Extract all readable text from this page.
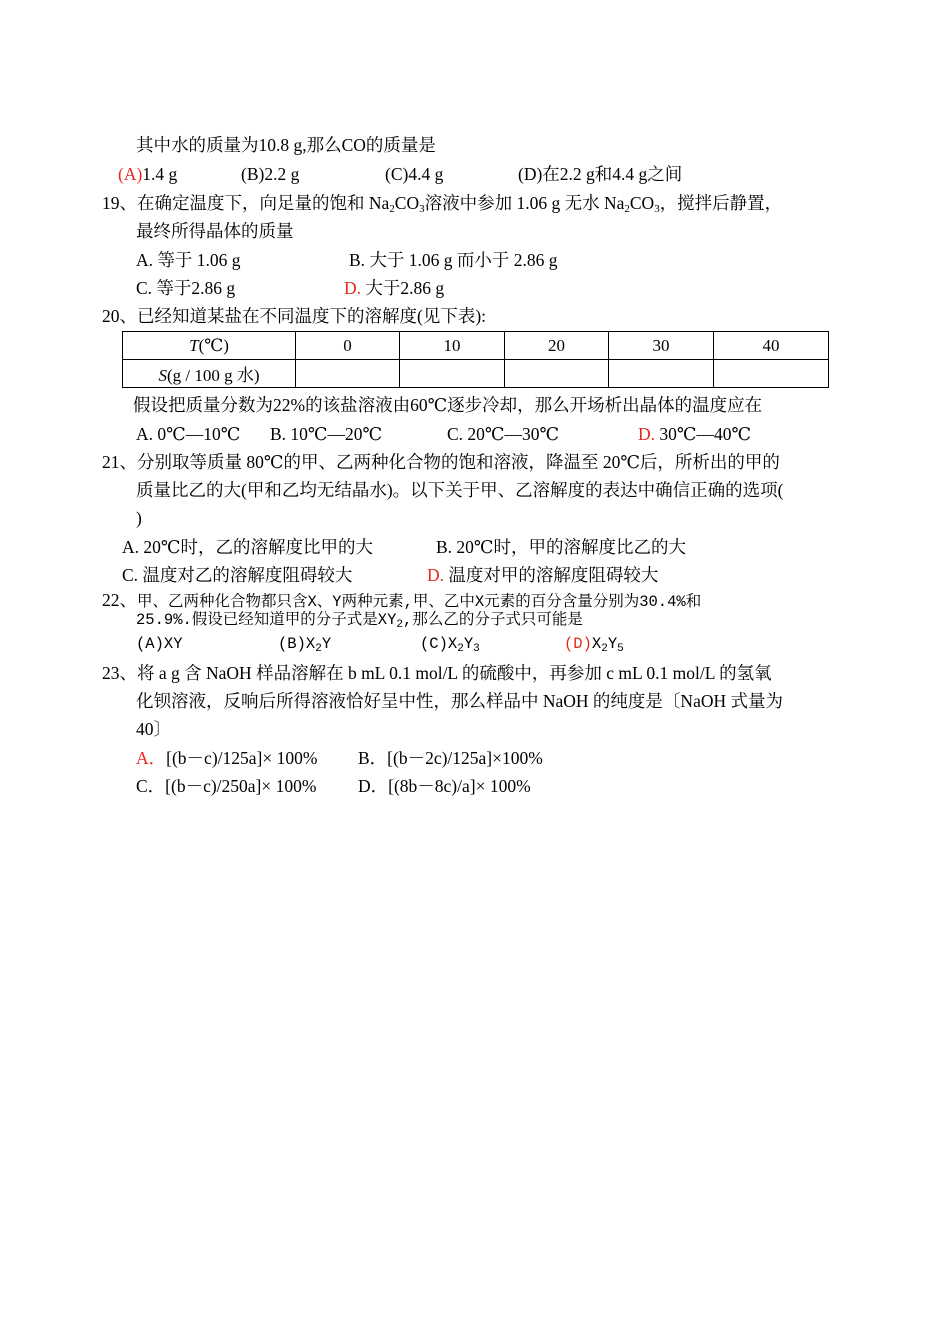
其中水的质量为10.8 g,那么CO的质量是
(A)1.4 g	(B)2.2 g	(C)4.4 g	(D)在2.2 g和4.4 g之间
19、在确定温度下，向足量的饱和 $Na_2CO_3$溶液中参加 1.06 g 无水 $Na_2CO_3$，搅拌后静置，
最终所得晶体的质量
A. 等于 1.06 g	B. 大于 1.06 g 而小于 2.86 g
C. 等于2.86 g	D. 大于2.86 g
20、已经知道某盐在不同温度下的溶解度(见下表):
T(℃)	0	10	20	30	40
S(g / 100 g 水)					
假设把质量分数为22%的该盐溶液由60℃逐步冷却，那么开场析出晶体的温度应在
A. 0℃—10℃ B. 10℃—20℃	C. 20℃—30℃	D. 30℃—40℃
21、分别取等质量 80℃的甲、乙两种化合物的饱和溶液，降温至 20℃后，所析出的甲的
质量比乙的大(甲和乙均无结晶水)。以下关于甲、乙溶解度的表达中确信正确的选项(
)
A. 20℃时，乙的溶解度比甲的大	B. 20℃时，甲的溶解度比乙的大
C. 温度对乙的溶解度阻碍较大	D. 温度对甲的溶解度阻碍较大
22、甲、乙两种化合物都只含X、Y两种元素,甲、乙中X元素的百分含量分别为30.4%和
25.9%.假设已经知道甲的分子式是$XY_2$,那么乙的分子式只可能是
(A)XY	$(B)X_2Y$	$(C)X_2Y_3$	$(D)X_2Y_5$
23、将 a g 含 NaOH 样品溶解在 b mL 0.1 mol/L 的硫酸中，再参加 c mL 0.1 mol/L 的氢氧
化钡溶液，反响后所得溶液恰好呈中性，那么样品中 NaOH 的纯度是〔NaOH 式量为
40〕
A．[(b－c)/125a]× 100% B．[(b－2c)/125a]×100%
C．[(b－c)/250a]× 100% D．[(8b－8c)/a]× 100%
